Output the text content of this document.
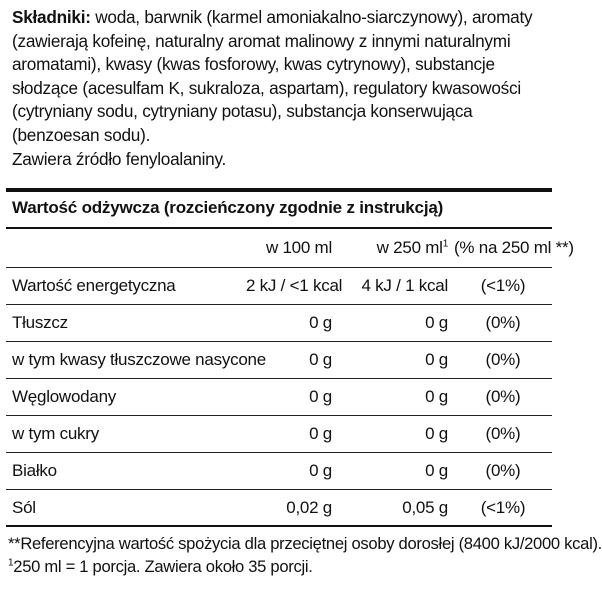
Składniki: woda, barwnik (karmel amoniakalno-siarczynowy), aromaty (zawierają kofeinę, naturalny aromat malinowy z innymi naturalnymi aromatami), kwasy (kwas fosforowy, kwas cytrynowy), substancje słodzące (acesulfam K, sukraloza, aspartam), regulatory kwasowości (cytryniany sodu, cytryniany potasu), substancja konserwująca (benzoesan sodu).
Zawiera źródło fenyloalaniny.
Wartość odżywcza (rozcieńczony zgodnie z instrukcją)
	w 100 ml	w 250 ml$^1$	(% na 250 ml **)
Wartość energetyczna	2 kJ / <1 kcal	4 kJ / 1 kcal	(<1%)
Tłuszcz	0 g	0 g	(0%)
w tym kwasy tłuszczowe nasycone	0 g	0 g	(0%)
Węglowodany	0 g	0 g	(0%)
w tym cukry	0 g	0 g	(0%)
Białko	0 g	0 g	(0%)
Sól	0,02 g	0,05 g	(<1%)
**Referencyjna wartość spożycia dla przeciętnej osoby dorosłej (8400 kJ/2000 kcal).
$^1$250 ml = 1 porcja. Zawiera około 35 porcji.
